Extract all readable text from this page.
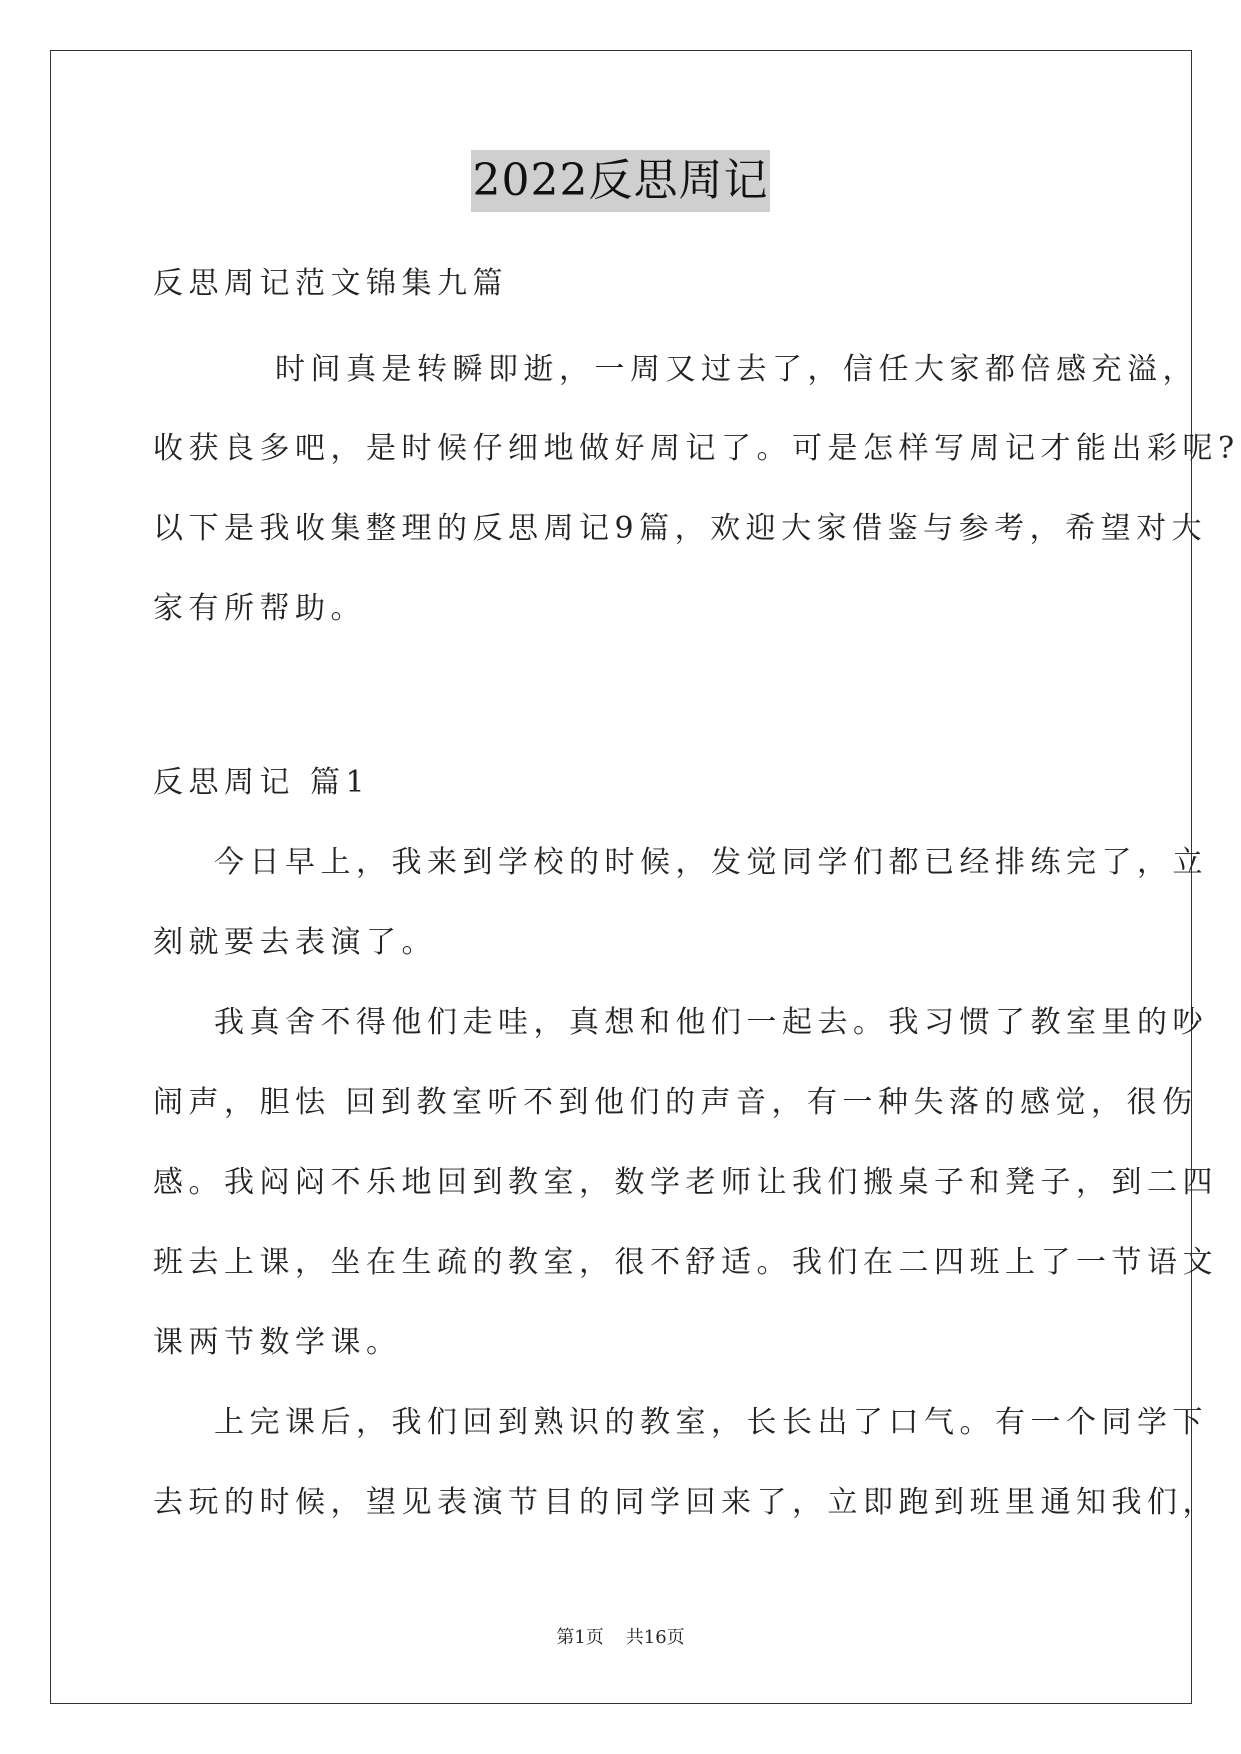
2022反思周记
反思周记范文锦集九篇
时间真是转瞬即逝，一周又过去了，信任大家都倍感充溢，
收获良多吧，是时候仔细地做好周记了。可是怎样写周记才能出彩呢?
以下是我收集整理的反思周记9篇，欢迎大家借鉴与参考，希望对大
家有所帮助。
反思周记 篇1
今日早上，我来到学校的时候，发觉同学们都已经排练完了，立
刻就要去表演了。
我真舍不得他们走哇，真想和他们一起去。我习惯了教室里的吵
闹声，胆怯 回到教室听不到他们的声音，有一种失落的感觉，很伤
感。我闷闷不乐地回到教室，数学老师让我们搬桌子和凳子，到二四
班去上课，坐在生疏的教室，很不舒适。我们在二四班上了一节语文
课两节数学课。
上完课后，我们回到熟识的教室，长长出了口气。有一个同学下
去玩的时候，望见表演节目的同学回来了，立即跑到班里通知我们，
第1页 共16页
